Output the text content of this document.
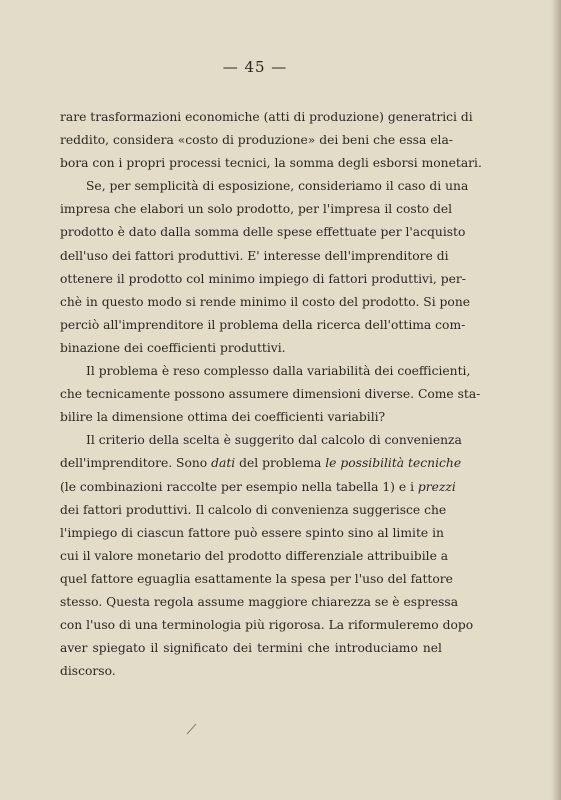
— 45 —
rare trasformazioni economiche (atti di produzione) generatrici di
reddito, considera «costo di produzione» dei beni che essa ela-
bora con i propri processi tecnici, la somma degli esborsi monetari.
Se, per semplicità di esposizione, consideriamo il caso di una
impresa che elabori un solo prodotto, per l'impresa il costo del
prodotto è dato dalla somma delle spese effettuate per l'acquisto
dell'uso dei fattori produttivi. E' interesse dell'imprenditore di
ottenere il prodotto col minimo impiego di fattori produttivi, per-
chè in questo modo si rende minimo il costo del prodotto. Si pone
perciò all'imprenditore il problema della ricerca dell'ottima com-
binazione dei coefficienti produttivi.
Il problema è reso complesso dalla variabilità dei coefficienti,
che tecnicamente possono assumere dimensioni diverse. Come sta-
bilire la dimensione ottima dei coefficienti variabili?
Il criterio della scelta è suggerito dal calcolo di convenienza
dell'imprenditore. Sono dati del problema le possibilità tecniche
(le combinazioni raccolte per esempio nella tabella 1) e i prezzi
dei fattori produttivi. Il calcolo di convenienza suggerisce che
l'impiego di ciascun fattore può essere spinto sino al limite in
cui il valore monetario del prodotto differenziale attribuibile a
quel fattore eguaglia esattamente la spesa per l'uso del fattore
stesso. Questa regola assume maggiore chiarezza se è espressa
con l'uso di una terminologia più rigorosa. La riformuleremo dopo
aver spiegato il significato dei termini che introduciamo nel
discorso.
